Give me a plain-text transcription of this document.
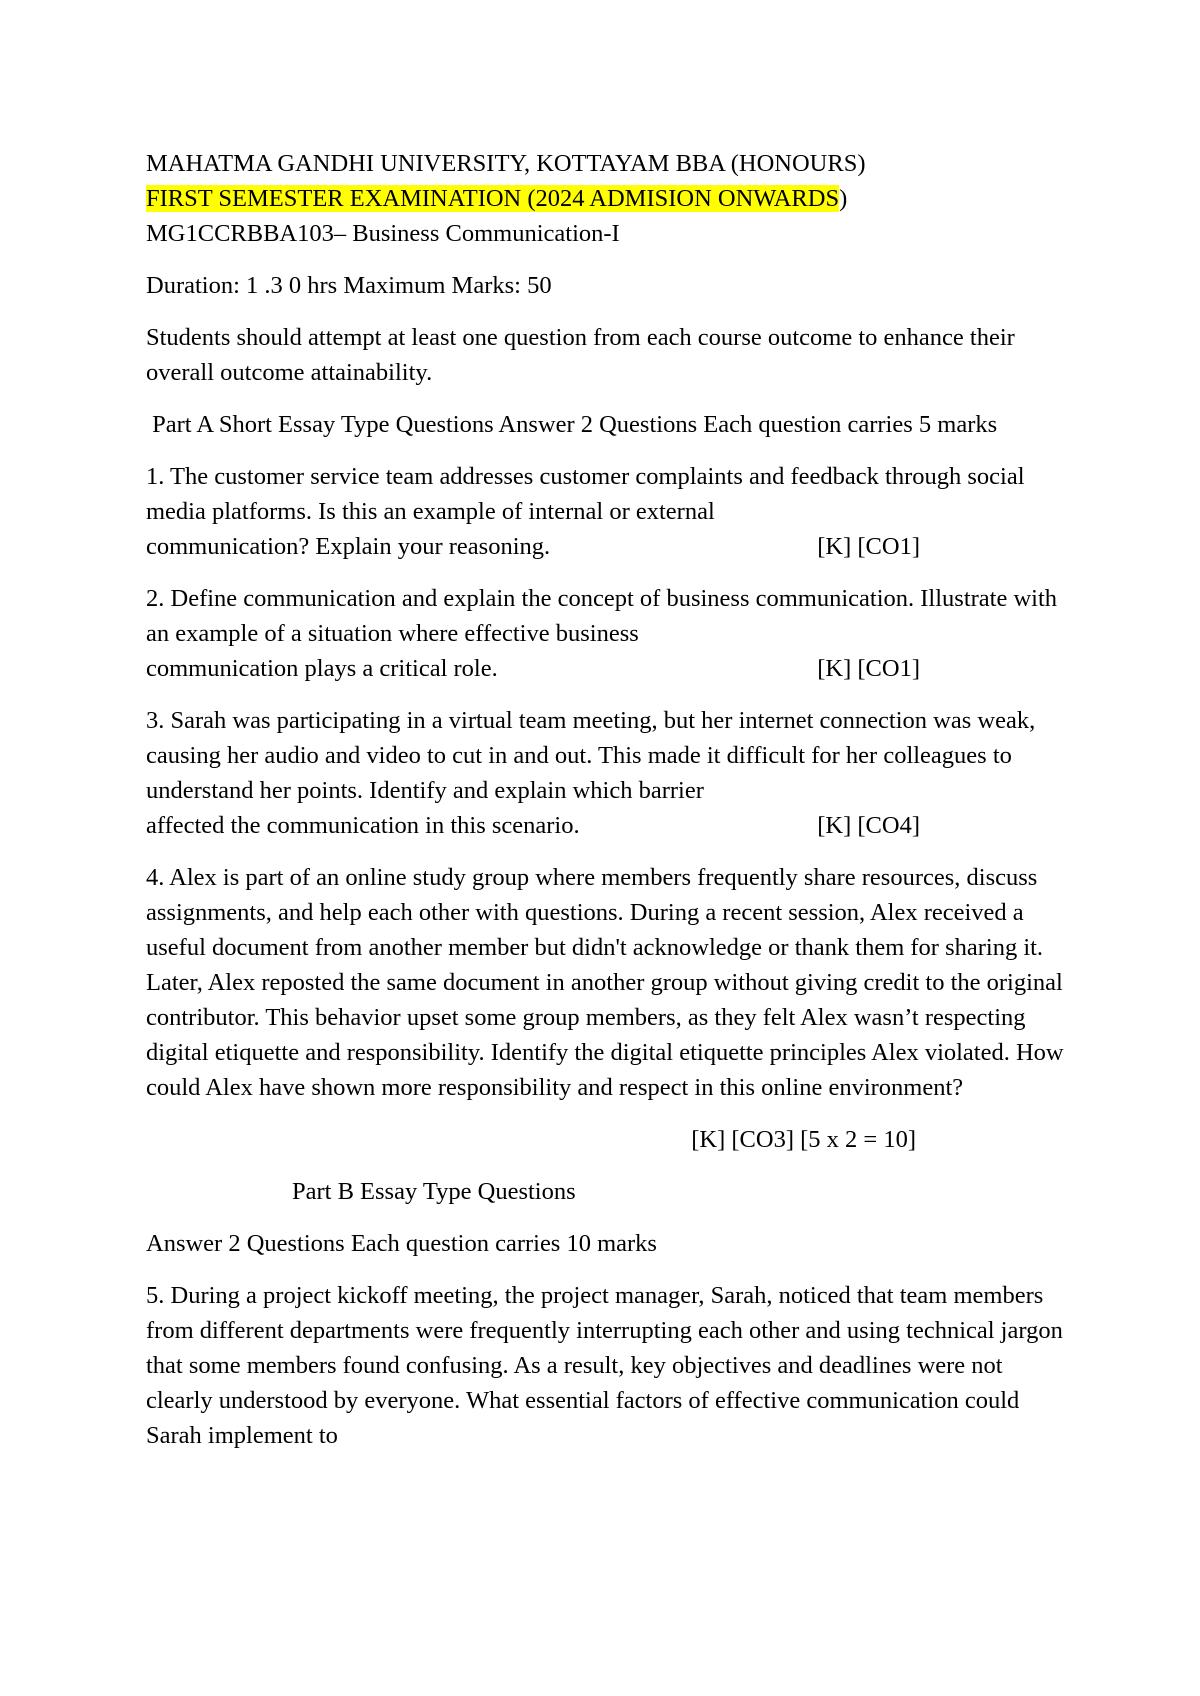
MAHATMA GANDHI UNIVERSITY, KOTTAYAM BBA (HONOURS)

FIRST SEMESTER EXAMINATION (2024 ADMISION ONWARDS)

MG1CCRBBA103– Business Communication-I

Duration: 1 .3 0 hrs Maximum Marks: 50

Students should attempt at least one question from each course outcome to enhance their overall outcome attainability.

Part A Short Essay Type Questions Answer 2 Questions Each question carries 5 marks

1. The customer service team addresses customer complaints and feedback through social media platforms. Is this an example of internal or external

communication? Explain your reasoning.	[K] [CO1]

2. Define communication and explain the concept of business communication. Illustrate with an example of a situation where effective business

communication plays a critical role.	[K] [CO1]

3. Sarah was participating in a virtual team meeting, but her internet connection was weak, causing her audio and video to cut in and out. This made it difficult for her colleagues to understand her points. Identify and explain which barrier

affected the communication in this scenario.	[K] [CO4]

4. Alex is part of an online study group where members frequently share resources, discuss assignments, and help each other with questions. During a recent session, Alex received a useful document from another member but didn't acknowledge or thank them for sharing it. Later, Alex reposted the same document in another group without giving credit to the original contributor. This behavior upset some group members, as they felt Alex wasn’t respecting digital etiquette and responsibility. Identify the digital etiquette principles Alex violated. How could Alex have shown more responsibility and respect in this online environment?

[K] [CO3] [5 x 2 = 10]

Part B Essay Type Questions

Answer 2 Questions Each question carries 10 marks

5. During a project kickoff meeting, the project manager, Sarah, noticed that team members from different departments were frequently interrupting each other and using technical jargon that some members found confusing. As a result, key objectives and deadlines were not clearly understood by everyone. What essential factors of effective communication could Sarah implement to
